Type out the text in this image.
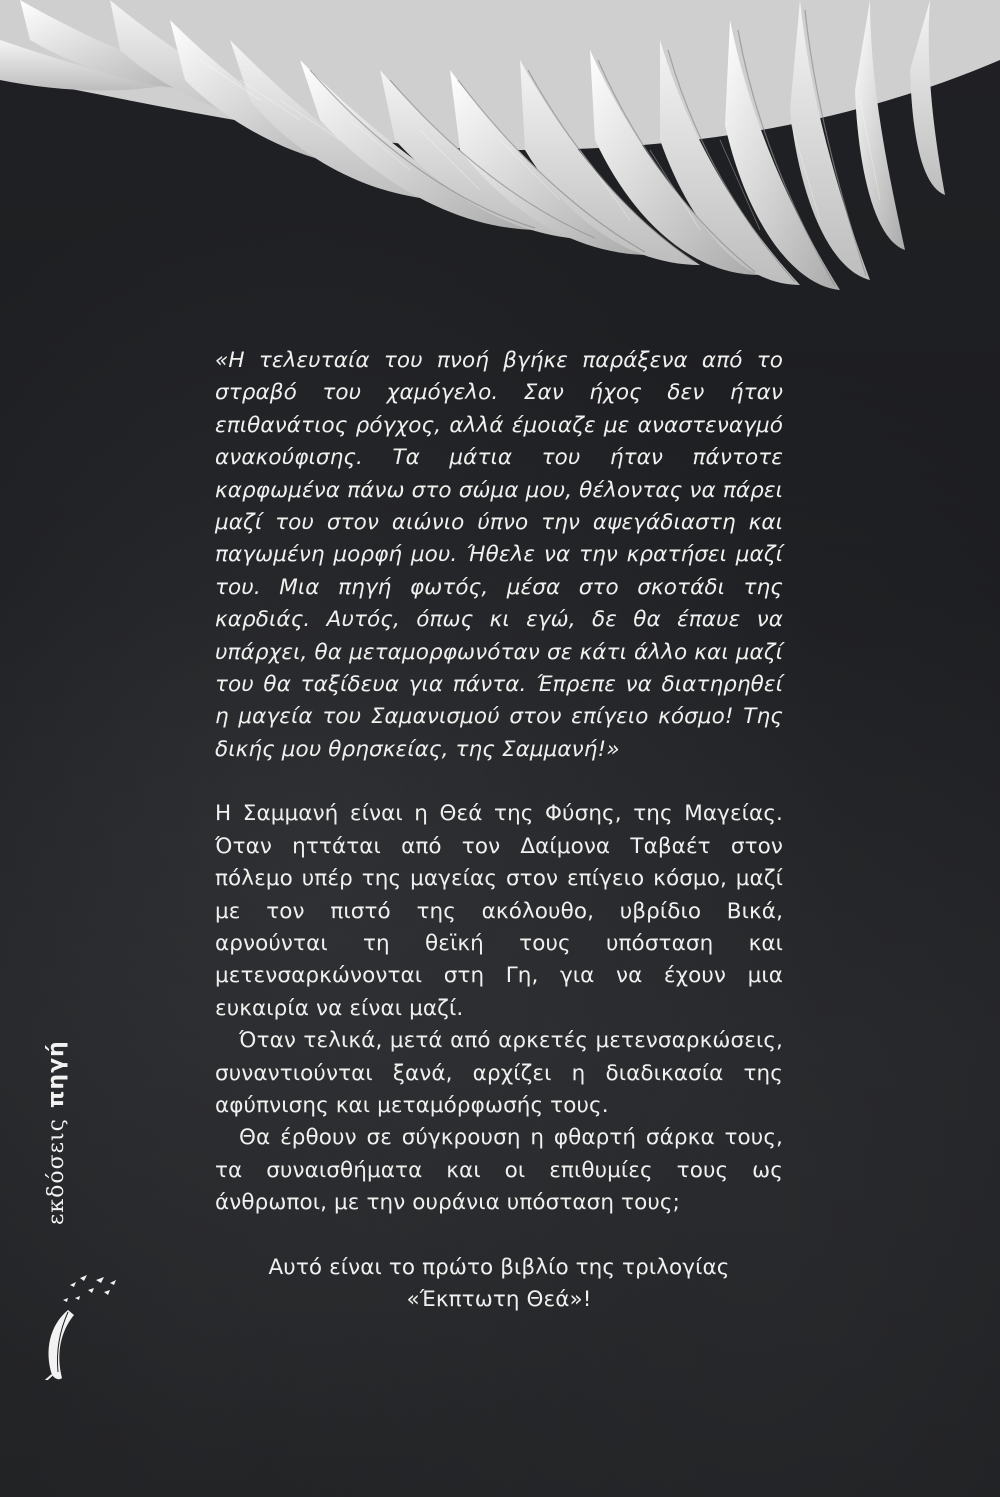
«Η τελευταία του πνοή βγήκε παράξενα από το στραβό του χαμόγελο. Σαν ήχος δεν ήταν επιθανάτιος ρόγχος, αλλά έμοιαζε με αναστεναγμό ανακούφισης. Τα μάτια του ήταν πάντοτε καρφωμένα πάνω στο σώμα μου, θέλοντας να πάρει μαζί του στον αιώνιο ύπνο την αψεγάδιαστη και παγωμένη μορφή μου. Ήθελε να την κρατήσει μαζί του. Μια πηγή φωτός, μέσα στο σκοτάδι της καρδιάς. Αυτός, όπως κι εγώ, δε θα έπαυε να υπάρχει, θα μεταμορφωνόταν σε κάτι άλλο και μαζί του θα ταξίδευα για πάντα. Έπρεπε να διατηρηθεί η μαγεία του Σαμανισμού στον επίγειο κόσμο! Της δικής μου θρησκείας, της Σαμμανή!»

Η Σαμμανή είναι η Θεά της Φύσης, της Μαγείας. Όταν ηττάται από τον Δαίμονα Ταβαέτ στον πόλεμο υπέρ της μαγείας στον επίγειο κόσμο, μαζί με τον πιστό της ακόλουθο, υβρίδιο Βικά, αρνούνται τη θεϊκή τους υπόσταση και μετενσαρκώνονται στη Γη, για να έχουν μια ευκαιρία να είναι μαζί.

Όταν τελικά, μετά από αρκετές μετενσαρκώσεις, συναντιούνται ξανά, αρχίζει η διαδικασία της αφύπνισης και μεταμόρφωσής τους.

Θα έρθουν σε σύγκρουση η φθαρτή σάρκα τους, τα συναισθήματα και οι επιθυμίες τους ως άνθρωποι, με την ουράνια υπόσταση τους;

Αυτό είναι το πρώτο βιβλίο της τριλογίας

«Έκπτωτη Θεά»!

εκδόσεις πηγή
